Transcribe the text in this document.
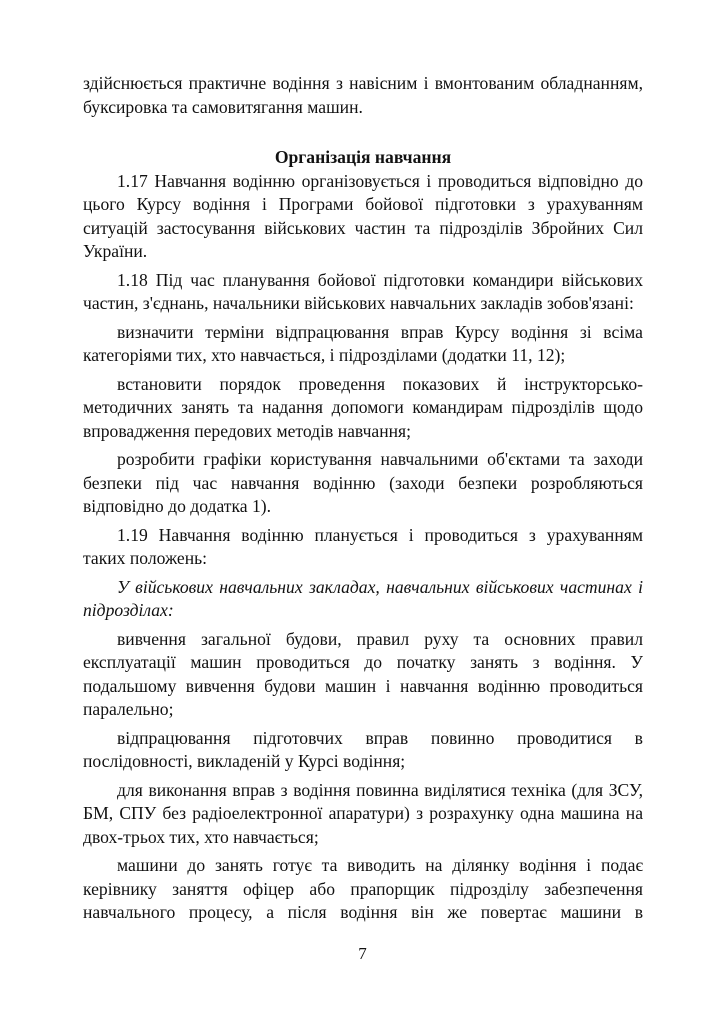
здійснюється практичне водіння з навісним і вмонтованим обладнанням, буксировка та самовитягання машин.

Організація навчання

1.17 Навчання водінню організовується і проводиться відповідно до цього Курсу водіння і Програми бойової підготовки з урахуванням ситуацій застосування військових частин та підрозділів Збройних Сил України.

1.18 Під час планування бойової підготовки командири військових частин, з'єднань, начальники військових навчальних закладів зобов'язані:

визначити терміни відпрацювання вправ Курсу водіння зі всіма категоріями тих, хто навчається, і підрозділами (додатки 11, 12);

встановити порядок проведення показових й інструкторсько-методичних занять та надання допомоги командирам підрозділів щодо впровадження передових методів навчання;

розробити графіки користування навчальними об'єктами та заходи безпеки під час навчання водінню (заходи безпеки розробляються відповідно до додатка 1).

1.19 Навчання водінню планується і проводиться з урахуванням таких положень:

У військових навчальних закладах, навчальних військових частинах і підрозділах:

вивчення загальної будови, правил руху та основних правил експлуатації машин проводиться до початку занять з водіння. У подальшому вивчення будови машин і навчання водінню проводиться паралельно;

відпрацювання підготовчих вправ повинно проводитися в послідовності, викладеній у Курсі водіння;

для виконання вправ з водіння повинна виділятися техніка (для ЗСУ, БМ, СПУ без радіоелектронної апаратури) з розрахунку одна машина на двох-трьох тих, хто навчається;

машини до занять готує та виводить на ділянку водіння і подає керівнику заняття офіцер або прапорщик підрозділу забезпечення навчального процесу, а після водіння він же повертає машини в

7
